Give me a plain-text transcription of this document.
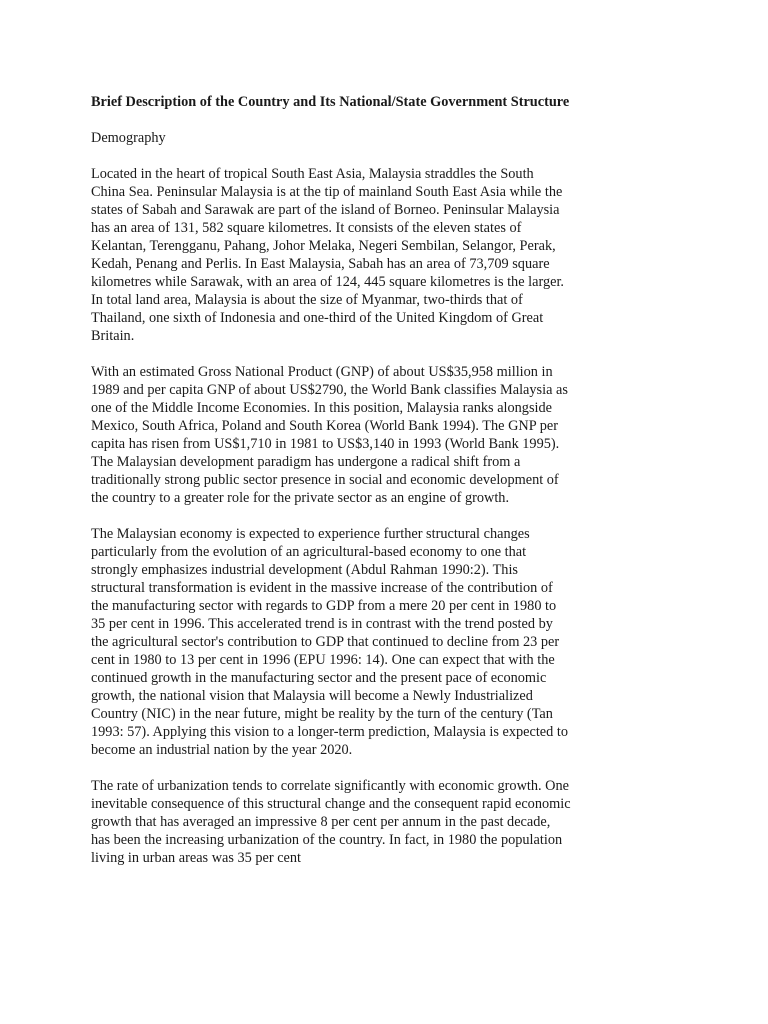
Brief Description of the Country and Its National/State Government Structure
Demography
Located in the heart of tropical South East Asia, Malaysia straddles the South China Sea. Peninsular Malaysia is at the tip of mainland South East Asia while the states of Sabah and Sarawak are part of the island of Borneo. Peninsular Malaysia has an area of 131, 582 square kilometres. It consists of the eleven states of Kelantan, Terengganu, Pahang, Johor Melaka, Negeri Sembilan, Selangor, Perak, Kedah, Penang and Perlis. In East Malaysia, Sabah has an area of 73,709 square kilometres while Sarawak, with an area of 124, 445 square kilometres is the larger. In total land area, Malaysia is about the size of Myanmar, two-thirds that of Thailand, one sixth of Indonesia and one-third of the United Kingdom of Great Britain.
With an estimated Gross National Product (GNP) of about US$35,958 million in 1989 and per capita GNP of about US$2790, the World Bank classifies Malaysia as one of the Middle Income Economies. In this position, Malaysia ranks alongside Mexico, South Africa, Poland and South Korea (World Bank 1994). The GNP per capita has risen from US$1,710 in 1981 to US$3,140 in 1993 (World Bank 1995). The Malaysian development paradigm has undergone a radical shift from a traditionally strong public sector presence in social and economic development of the country to a greater role for the private sector as an engine of growth.
The Malaysian economy is expected to experience further structural changes particularly from the evolution of an agricultural-based economy to one that strongly emphasizes industrial development (Abdul Rahman 1990:2). This structural transformation is evident in the massive increase of the contribution of the manufacturing sector with regards to GDP from a mere 20 per cent in 1980 to 35 per cent in 1996. This accelerated trend is in contrast with the trend posted by the agricultural sector's contribution to GDP that continued to decline from 23 per cent in 1980 to 13 per cent in 1996 (EPU 1996: 14). One can expect that with the continued growth in the manufacturing sector and the present pace of economic growth, the national vision that Malaysia will become a Newly Industrialized Country (NIC) in the near future, might be reality by the turn of the century (Tan 1993: 57). Applying this vision to a longer-term prediction, Malaysia is expected to become an industrial nation by the year 2020.
The rate of urbanization tends to correlate significantly with economic growth. One inevitable consequence of this structural change and the consequent rapid economic growth that has averaged an impressive 8 per cent per annum in the past decade, has been the increasing urbanization of the country. In fact, in 1980 the population living in urban areas was 35 per cent
